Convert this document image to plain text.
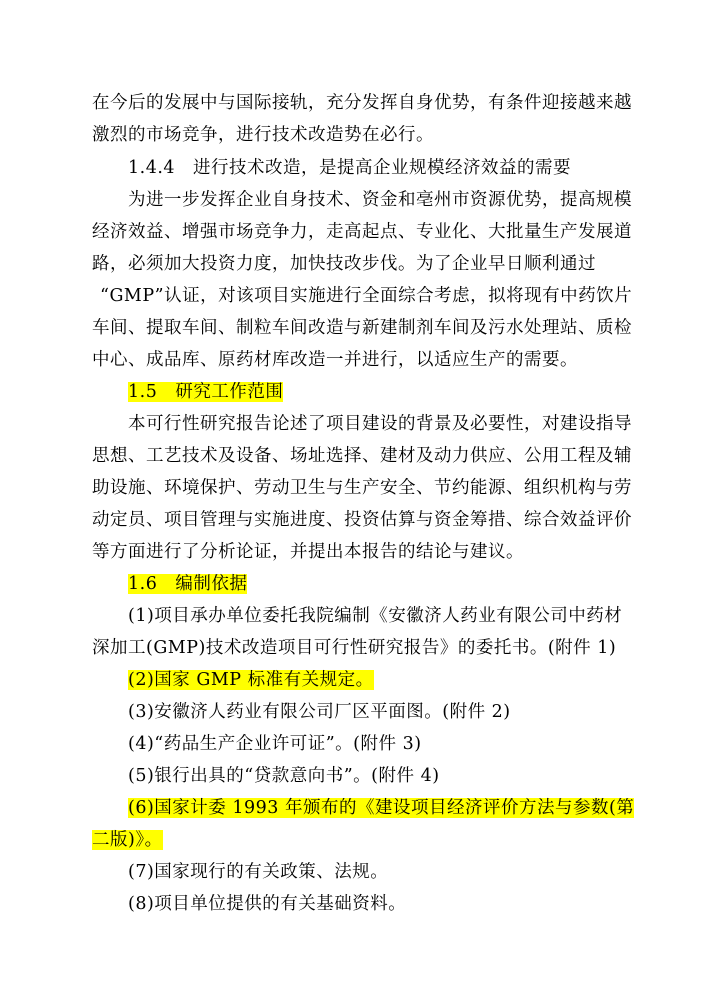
在今后的发展中与国际接轨，充分发挥自身优势，有条件迎接越来越
激烈的市场竞争，进行技术改造势在必行。
1.4.4　进行技术改造，是提高企业规模经济效益的需要
为进一步发挥企业自身技术、资金和亳州市资源优势，提高规模
经济效益、增强市场竞争力，走高起点、专业化、大批量生产发展道
路，必须加大投资力度，加快技改步伐。为了企业早日顺利通过
“GMP”认证，对该项目实施进行全面综合考虑，拟将现有中药饮片
车间、提取车间、制粒车间改造与新建制剂车间及污水处理站、质检
中心、成品库、原药材库改造一并进行，以适应生产的需要。
1.5　研究工作范围
本可行性研究报告论述了项目建设的背景及必要性，对建设指导
思想、工艺技术及设备、场址选择、建材及动力供应、公用工程及辅
助设施、环境保护、劳动卫生与生产安全、节约能源、组织机构与劳
动定员、项目管理与实施进度、投资估算与资金筹措、综合效益评价
等方面进行了分析论证，并提出本报告的结论与建议。
1.6　编制依据
(1)项目承办单位委托我院编制《安徽济人药业有限公司中药材
深加工(GMP)技术改造项目可行性研究报告》的委托书。(附件 1)
(2)国家 GMP 标准有关规定。
(3)安徽济人药业有限公司厂区平面图。(附件 2)
(4)“药品生产企业许可证”。(附件 3)
(5)银行出具的“贷款意向书”。(附件 4)
(6)国家计委 1993 年颁布的《建设项目经济评价方法与参数(第
二版)》。
(7)国家现行的有关政策、法规。
(8)项目单位提供的有关基础资料。
